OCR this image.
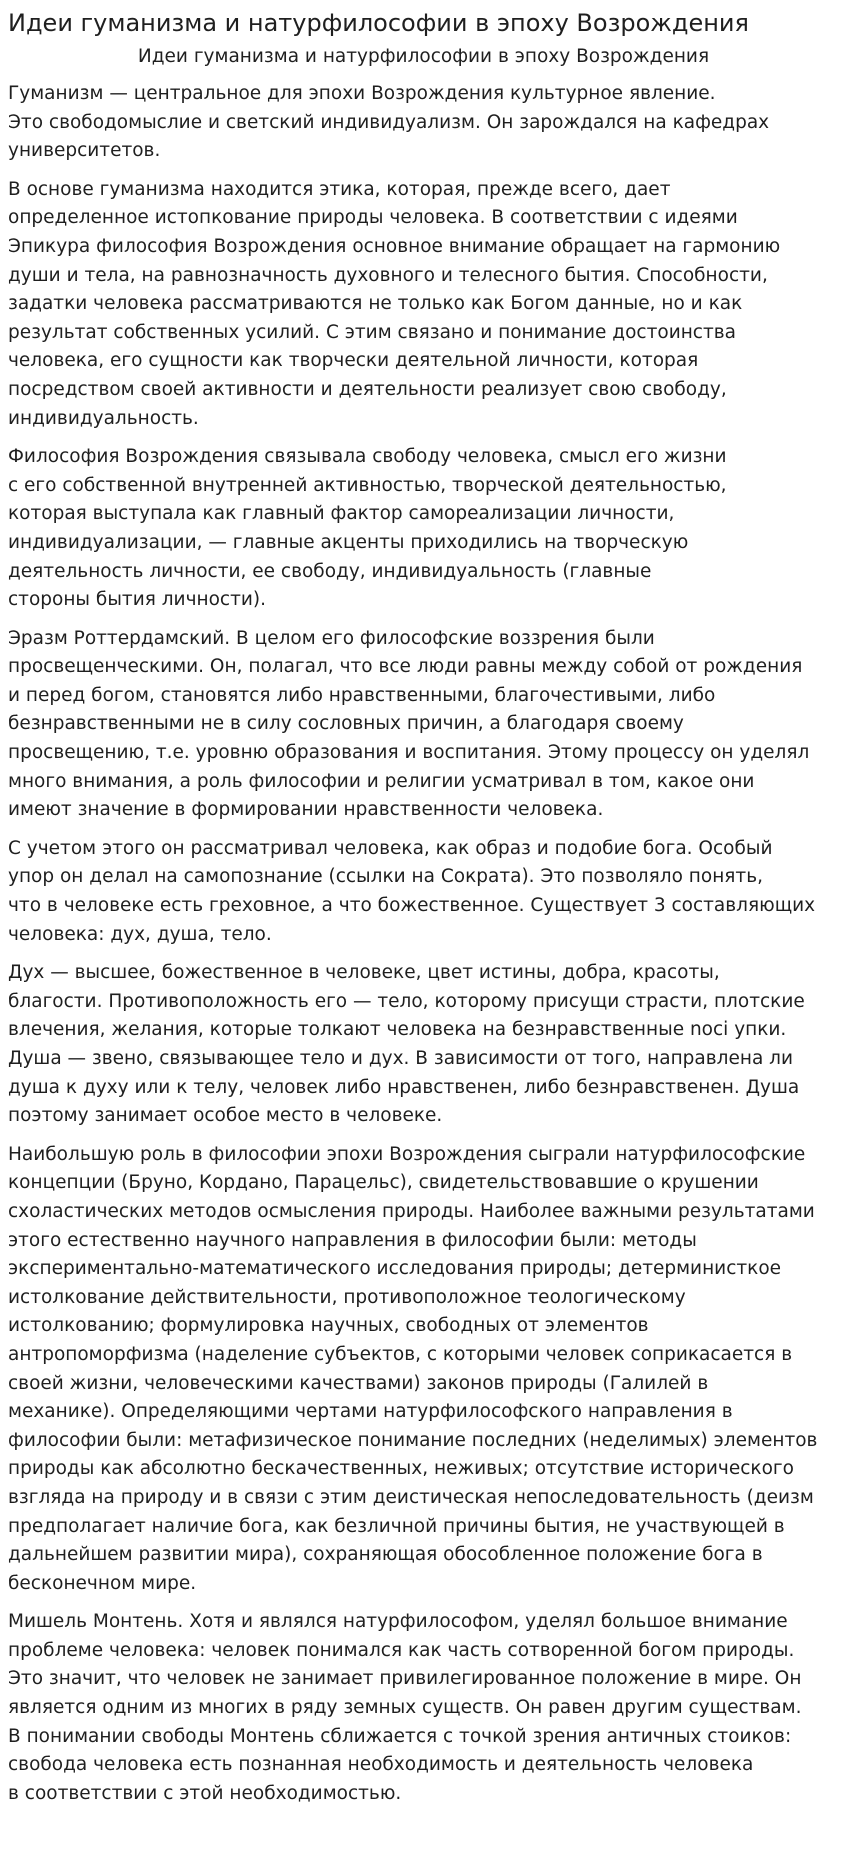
Идеи гуманизма и натурфилософии в эпоху Возрождения
Идеи гуманизма и натурфилософии в эпоху Возрождения

Гуманизм — центральное для эпохи Возрождения культурное явление.
Это свободомыслие и светский индивидуализм. Он зарождался на кафедрах
университетов.

В основе гуманизма находится этика, которая, прежде всего, дает
определенное истопкование природы человека. В соответствии с идеями
Эпикура философия Возрождения основное внимание обращает на гармонию
души и тела, на равнозначность духовного и телесного бытия. Способности,
задатки человека рассматриваются не только как Богом данные, но и как
результат собственных усилий. С этим связано и понимание достоинства
человека, его сущности как творчески деятельной личности, которая
посредством своей активности и деятельности реализует свою свободу,
индивидуальность.

Философия Возрождения связывала свободу человека, смысл его жизни
с его собственной внутренней активностью, творческой деятельностью,
которая выступала как главный фактор самореализации личности,
индивидуализации, — главные акценты приходились на творческую
деятельность личности, ее свободу, индивидуальность (главные
стороны бытия личности).

Эразм Роттердамский. В целом его философские воззрения были
просвещенческими. Он, полагал, что все люди равны между собой от рождения
и перед богом, становятся либо нравственными, благочестивыми, либо
безнравственными не в силу сословных причин, а благодаря своему
просвещению, т.е. уровню образования и воспитания. Этому процессу он уделял
много внимания, а роль философии и религии усматривал в том, какое они
имеют значение в формировании нравственности человека.

С учетом этого он рассматривал человека, как образ и подобие бога. Особый
упор он делал на самопознание (ссылки на Сократа). Это позволяло понять,
что в человеке есть греховное, а что божественное. Существует 3 составляющих
человека: дух, душа, тело.

Дух — высшее, божественное в человеке, цвет истины, добра, красоты,
благости. Противоположность его — тело, которому присущи страсти, плотские
влечения, желания, которые толкают человека на безнравственные noci упки.
Душа — звено, связывающее тело и дух. В зависимости от того, направлена ли
душа к духу или к телу, человек либо нравственен, либо безнравственен. Душа
поэтому занимает особое место в человеке.

Наибольшую роль в философии эпохи Возрождения сыграли натурфилософские
концепции (Бруно, Кордано, Парацельс), свидетельствовавшие о крушении
схоластических методов осмысления природы. Наиболее важными результатами
этого естественно научного направления в философии были: методы
экспериментально-математического исследования природы; детерминисткое
истолкование действительности, противоположное теологическому
истолкованию; формулировка научных, свободных от элементов
антропоморфизма (наделение субъектов, с которыми человек соприкасается в
своей жизни, человеческими качествами) законов природы (Галилей в
механике). Определяющими чертами натурфилософского направления в
философии были: метафизическое понимание последних (неделимых) элементов
природы как абсолютно бескачественных, неживых; отсутствие исторического
взгляда на природу и в связи с этим деистическая непоследовательность (деизм
предполагает наличие бога, как безличной причины бытия, не участвующей в
дальнейшем развитии мира), сохраняющая обособленное положение бога в
бесконечном мире.

Мишель Монтень. Хотя и являлся натурфилософом, уделял большое внимание
проблеме человека: человек понимался как часть сотворенной богом природы.
Это значит, что человек не занимает привилегированное положение в мире. Он
является одним из многих в ряду земных существ. Он равен другим существам.
В понимании свободы Монтень сближается с точкой зрения античных стоиков:
свобода человека есть познанная необходимость и деятельность человека
в соответствии с этой необходимостью.
